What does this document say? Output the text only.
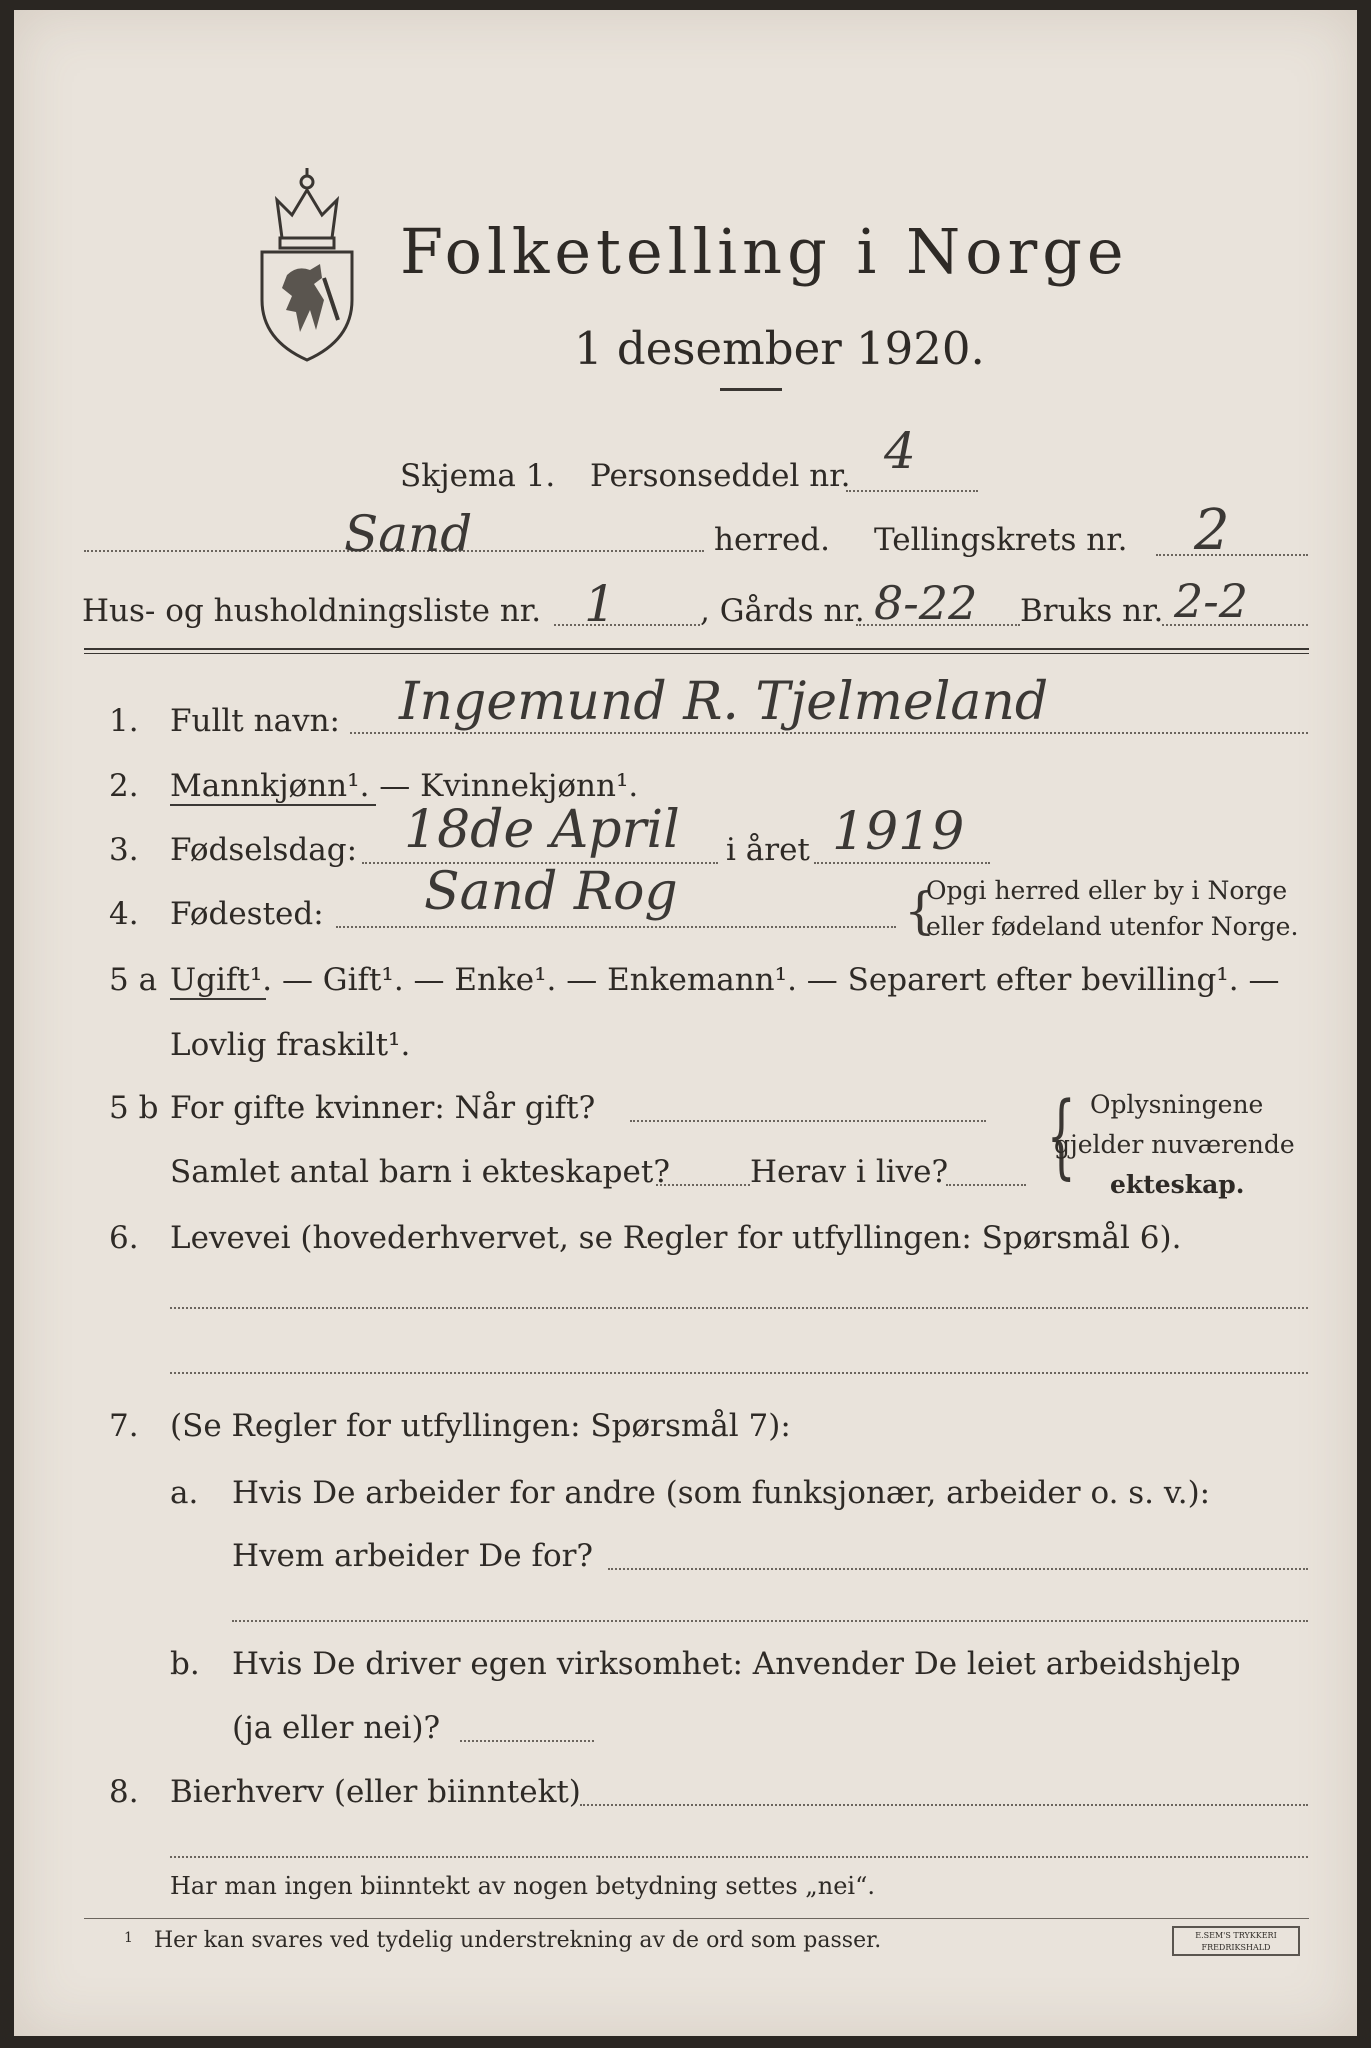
Folketelling i Norge
1 desember 1920.
Skjema 1. Personseddel nr. 4
Sand	herred. Tellingskrets nr. 2
Hus- og husholdningsliste nr. 1	, Gårds nr. 8-22 Bruks nr. 2-2
1. Fullt navn: Ingemund R. Tjelmeland
2. Mannkjønn¹. — Kvinnekjønn¹.
3. Fødselsdag: 18de April i året 1919
4. Fødested: Sand Rog	{
Opgi herred eller by i Norge
eller fødeland utenfor Norge.
5 a Ugift¹. — Gift¹. — Enke¹. — Enkemann¹. — Separert efter bevilling¹. —
Lovlig fraskilt¹.
5 b For gifte kvinner: Når gift?
Samlet antal barn i ekteskapet?	Herav i live? { Oplysningene
gjelder nuværende
ekteskap.
6. Levevei (hovederhvervet, se Regler for utfyllingen: Spørsmål 6).
7. (Se Regler for utfyllingen: Spørsmål 7):
a. Hvis De arbeider for andre (som funksjonær, arbeider o. s. v.):
Hvem arbeider De for?
b. Hvis De driver egen virksomhet: Anvender De leiet arbeidshjelp
(ja eller nei)?
8. Bierhverv (eller biinntekt)
Har man ingen biinntekt av nogen betydning settes „nei“.
1 Her kan svares ved tydelig understrekning av de ord som passer.	E.SEM'S TRYKKERI
FREDRIKSHALD
